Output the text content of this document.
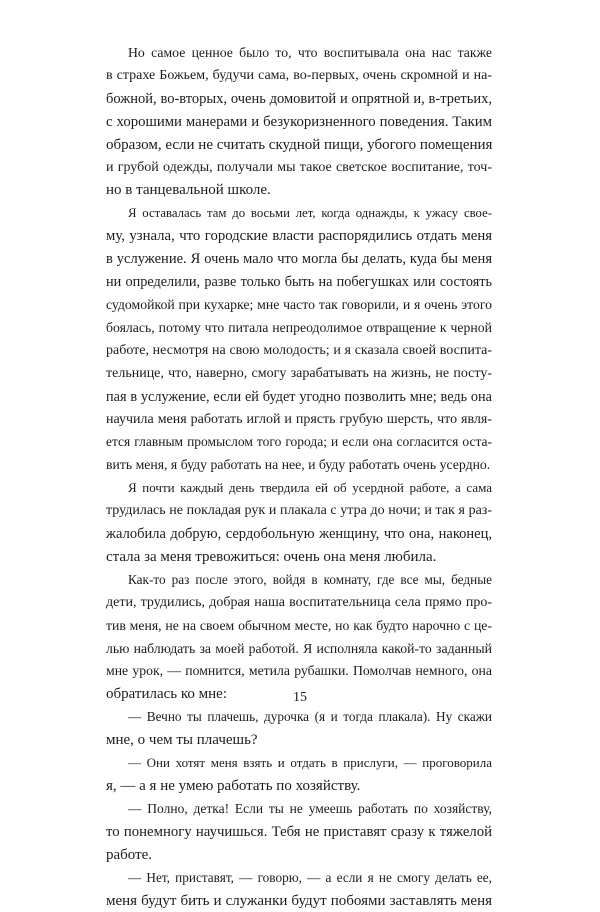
Но самое ценное было то, что воспитывала она нас также
в страхе Божьем, будучи сама, во-первых, очень скромной и на-
божной, во-вторых, очень домовитой и опрятной и, в-третьих,
с хорошими манерами и безукоризненного поведения. Таким
образом, если не считать скудной пищи, убогого помещения
и грубой одежды, получали мы такое светское воспитание, точ-
но в танцевальной школе.

Я оставалась там до восьми лет, когда однажды, к ужасу свое-
му, узнала, что городские власти распорядились отдать меня
в услужение. Я очень мало что могла бы делать, куда бы меня
ни определили, разве только быть на побегушках или состоять
судомойкой при кухарке; мне часто так говорили, и я очень этого
боялась, потому что питала непреодолимое отвращение к черной
работе, несмотря на свою молодость; и я сказала своей воспита-
тельнице, что, наверно, смогу зарабатывать на жизнь, не посту-
пая в услужение, если ей будет угодно позволить мне; ведь она
научила меня работать иглой и прясть грубую шерсть, что явля-
ется главным промыслом того города; и если она согласится оста-
вить меня, я буду работать на нее, и буду работать очень усердно.

Я почти каждый день твердила ей об усердной работе, а сама
трудилась не покладая рук и плакала с утра до ночи; и так я раз-
жалобила добрую, сердобольную женщину, что она, наконец,
стала за меня тревожиться: очень она меня любила.

Как-то раз после этого, войдя в комнату, где все мы, бедные
дети, трудились, добрая наша воспитательница села прямо про-
тив меня, не на своем обычном месте, но как будто нарочно с це-
лью наблюдать за моей работой. Я исполняла какой-то заданный
мне урок, — помнится, метила рубашки. Помолчав немного, она
обратилась ко мне:

— Вечно ты плачешь, дурочка (я и тогда плакала). Ну скажи
мне, о чем ты плачешь?

— Они хотят меня взять и отдать в прислуги, — проговорила
я, — а я не умею работать по хозяйству.

— Полно, детка! Если ты не умеешь работать по хозяйству,
то понемногу научишься. Тебя не приставят сразу к тяжелой
работе.

— Нет, приставят, — говорю, — а если я не смогу делать ее,
меня будут бить и служанки будут побоями заставлять меня

15
